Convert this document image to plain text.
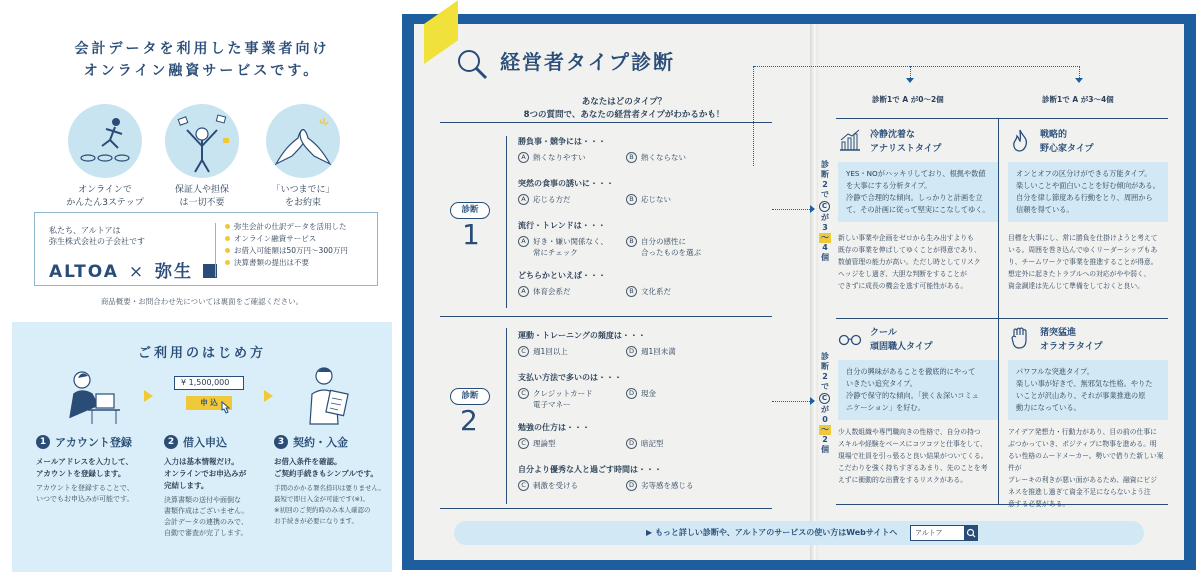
会計データを利用した事業者向け
オンライン融資サービスです。
オンラインで
かんたん3ステップ
保証人や担保
は一切不要
「いつまでに」
をお約束
私たち、アルトアは
弥生株式会社の子会社です
ALTOA × 弥生
弥生会計の仕訳データを活用した
オンライン融資サービス
お借入可能額は50万円〜300万円
決算書類の提出は不要
商品概要・お問合わせ先については裏面をご確認ください。
ご利用のはじめ方
¥ 1,500,000
申 込
1 アカウント登録
メールアドレスを入力して、
アカウントを登録します。
アカウントを登録することで、
いつでもお申込みが可能です。
2 借入申込
入力は基本情報だけ。
オンラインでお申込みが
完結します。
決算書類の送付や面倒な
書類作成はございません。
会計データの連携のみで、
自動で審査が完了します。
3 契約・入金
お借入条件を確認。
ご契約手続きもシンプルです。
手間のかかる署名捺印は要りません。
最短で即日入金が可能です(※)。
※初回のご契約時のみ本人確認の
お手続きが必要になります。
経営者タイプ診断
あなたはどのタイプ？
8つの質問で、あなたの経営者タイプがわかるかも！
診断
1
勝負事・競争には・・・
A 熱くなりやすい	B 熱くならない
突然の食事の誘いに・・・
A 応じる方だ	B 応じない
流行・トレンドは・・・
A 好き・嫌い関係なく、
常にチェック
B 自分の感性に
合ったものを選ぶ
どちらかといえば・・・
A 体育会系だ	B 文化系だ
診断
2
運動・トレーニングの頻度は・・・
C 週1回以上	D 週1回未満
支払い方法で多いのは・・・
C クレジットカード
電子マネー
D 現金
勉強の仕方は・・・
C 理論型	D 暗記型
自分より優秀な人と過ごす時間は・・・
C 刺激を受ける	D 劣等感を感じる
診断1で A が0〜2個	診断1で A が3〜4個
診
断
2
で
C
が
3
〜
4
個
診
断
2
で
C
が
0
〜
2
個
冷静沈着な
アナリストタイプ
YES・NOがハッキリしており、根拠や数値
を大事にする分析タイプ。
冷静で合理的な傾向。しっかりと計画を立
て、その計画に従って堅実にこなしてゆく。
新しい事業や企画をゼロから生み出すよりも
既存の事業を伸ばしてゆくことが得意であり、
数値管理の能力が高い。ただし時としてリスク
ヘッジをし過ぎ、大胆な判断をすることが
できずに成長の機会を逃す可能性がある。
戦略的
野心家タイプ
オンとオフの区分けができる万能タイプ。
楽しいことや面白いことを好む傾向がある。
自分を律し節度ある行動をとり、周囲から
信頼を得ている。
目標を大事にし、常に勝負を仕掛けようと考えて
いる。周囲を巻き込んでゆくリーダーシップもあ
り、チームワークで事業を推進することが得意。
想定外に起きたトラブルへの対応がやや弱く、
資金調達は先んじて準備をしておくと良い。
クール
頑固職人タイプ
自分の興味があることを徹底的にやって
いきたい追究タイプ。
冷静で保守的な傾向。「狭く＆深いコミュ
ニケーション」を好む。
少人数組織や専門職向きの性格で、自分の持つ
スキルや経験をベースにコツコツと仕事をして、
現場で社員を引っ張ると良い結果がついてくる。
こだわりを強く持ちすぎるあまり、先のことを考
えずに衝動的な出費をするリスクがある。
猪突猛進
オラオラタイプ
パワフルな突進タイプ。
楽しい事が好きで、無邪気な性格。やりた
いことが沢山あり、それが事業推進の原
動力になっている。
アイデア発想力・行動力があり、目の前の仕事に
ぶつかっていき、ポジティブに物事を進める。明
るい性格のムードメーカー。勢いで借りた新しい案件が
プレーキの利きが悪い面があるため、融資にビジ
ネスを推進し過ぎて資金不足にならないよう注
意する必要がある。
▶ もっと詳しい診断や、アルトアのサービスの使い方はWebサイトへ	アルトア
